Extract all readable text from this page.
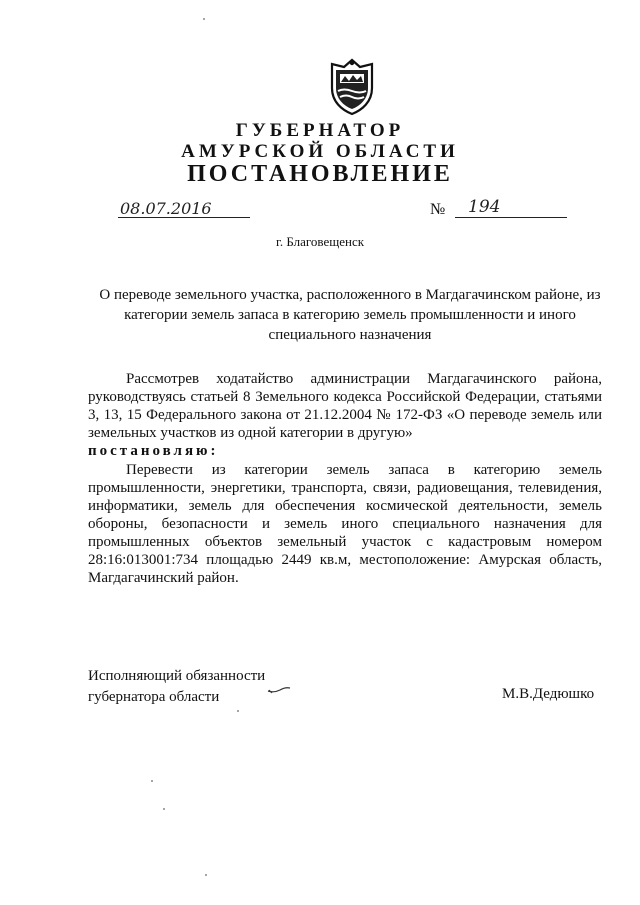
ГУБЕРНАТОР
АМУРСКОЙ ОБЛАСТИ
ПОСТАНОВЛЕНИЕ
08.07.2016	№ 194
г. Благовещенск
О переводе земельного участка, расположенного в Магдагачинском районе, из категории земель запаса в категорию земель промышленности и иного специального назначения
Рассмотрев ходатайство администрации Магдагачинского района, руководствуясь статьей 8 Земельного кодекса Российской Федерации, статьями 3, 13, 15 Федерального закона от 21.12.2004 № 172-ФЗ «О переводе земель или земельных участков из одной категории в другую»
постановляю:
Перевести из категории земель запаса в категорию земель промышленности, энергетики, транспорта, связи, радиовещания, телевидения, информатики, земель для обеспечения космической деятельности, земель обороны, безопасности и земель иного специального назначения для промышленных объектов земельный участок с кадастровым номером 28:16:013001:734 площадью 2449 кв.м, местоположение: Амурская область, Магдагачинский район.
Исполняющий обязанности
губернатора области	М.В.Дедюшко
